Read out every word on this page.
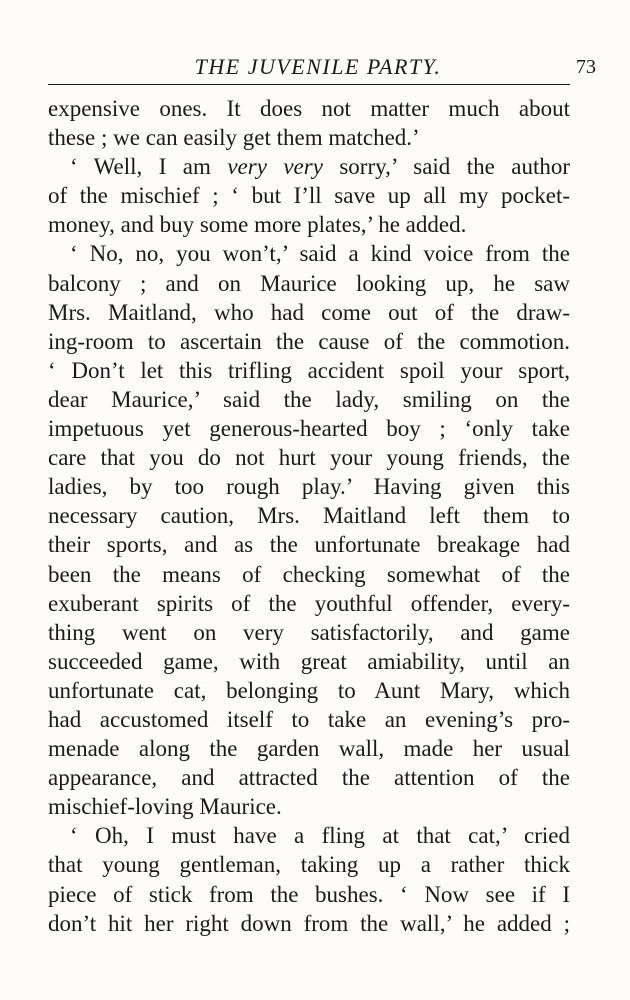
THE JUVENILE PARTY.	73
expensive ones. It does not matter much about
these ; we can easily get them matched.’
‘ Well, I am very very sorry,’ said the author
of the mischief ; ‘ but I’ll save up all my pocket-
money, and buy some more plates,’ he added.
‘ No, no, you won’t,’ said a kind voice from the
balcony ; and on Maurice looking up, he saw
Mrs. Maitland, who had come out of the draw-
ing-room to ascertain the cause of the commotion.
‘ Don’t let this trifling accident spoil your sport,
dear Maurice,’ said the lady, smiling on the
impetuous yet generous-hearted boy ; ‘only take
care that you do not hurt your young friends, the
ladies, by too rough play.’ Having given this
necessary caution, Mrs. Maitland left them to
their sports, and as the unfortunate breakage had
been the means of checking somewhat of the
exuberant spirits of the youthful offender, every-
thing went on very satisfactorily, and game
succeeded game, with great amiability, until an
unfortunate cat, belonging to Aunt Mary, which
had accustomed itself to take an evening’s pro-
menade along the garden wall, made her usual
appearance, and attracted the attention of the
mischief-loving Maurice.
‘ Oh, I must have a fling at that cat,’ cried
that young gentleman, taking up a rather thick
piece of stick from the bushes. ‘ Now see if I
don’t hit her right down from the wall,’ he added ;
